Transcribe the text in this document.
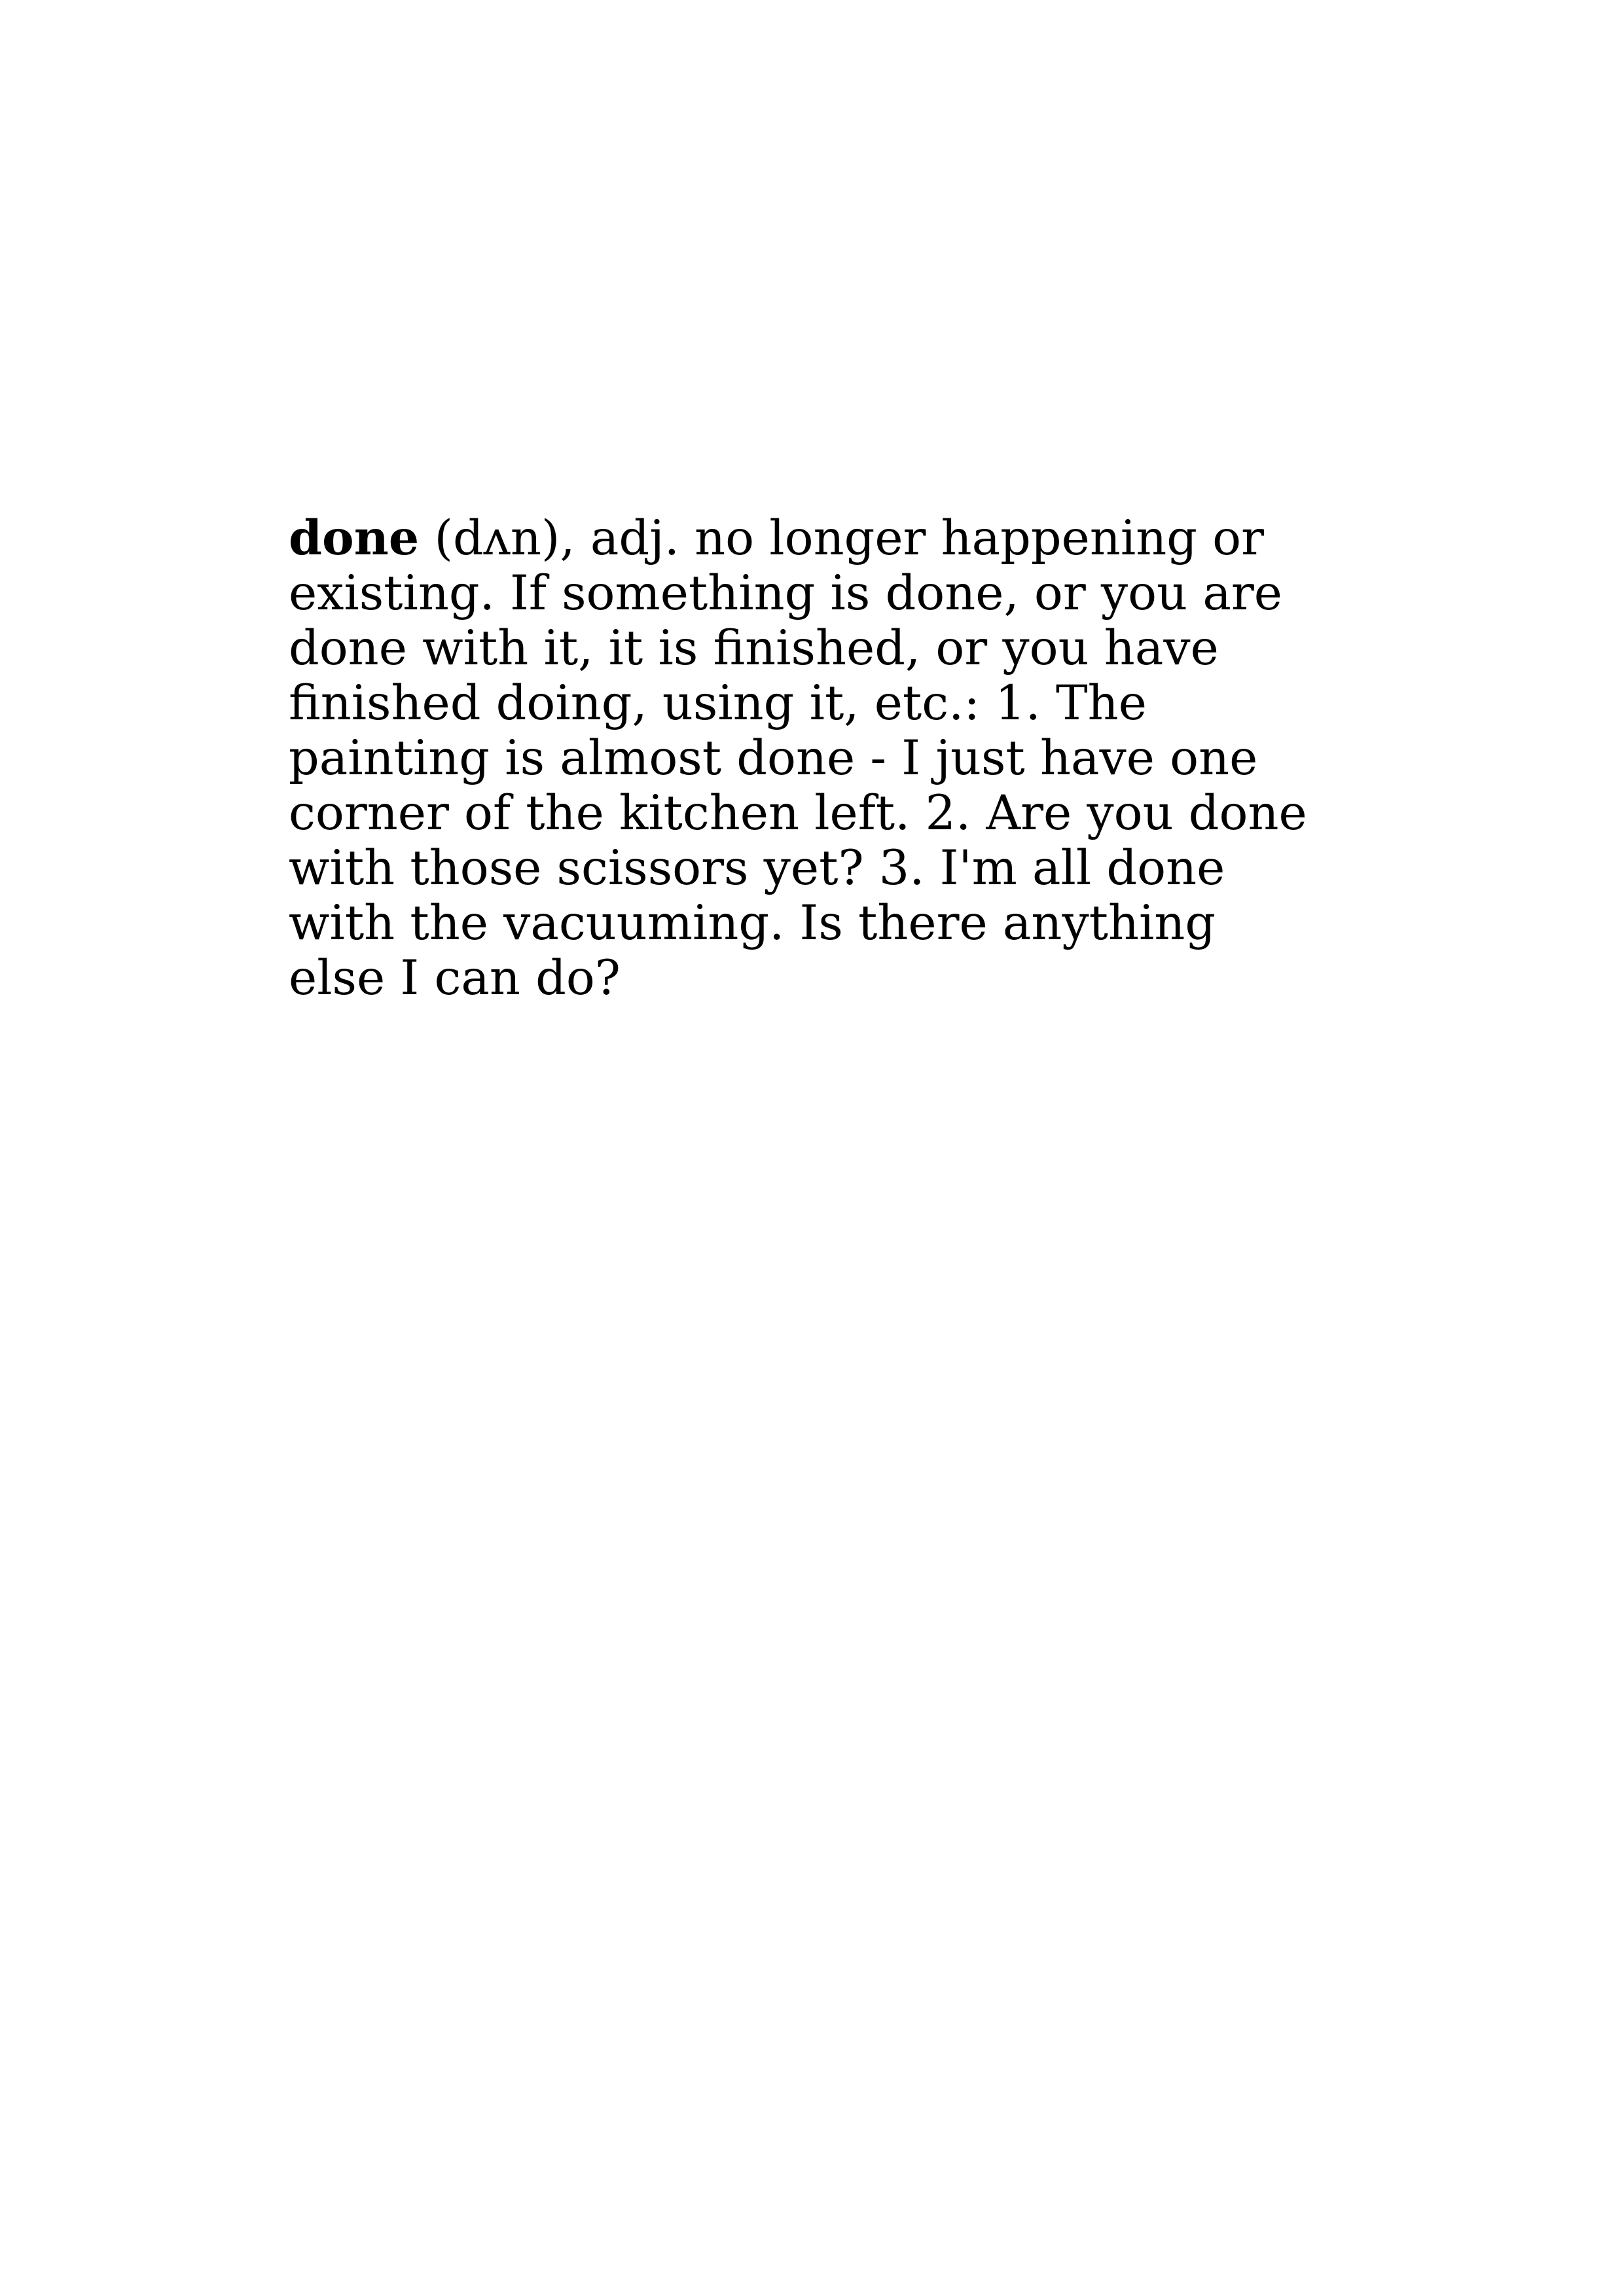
done (dʌn), adj. no longer happening or
existing. If something is done, or you are
done with it, it is finished, or you have
finished doing, using it, etc.: 1. The
painting is almost done - I just have one
corner of the kitchen left. 2. Are you done
with those scissors yet? 3. I'm all done
with the vacuuming. Is there anything
else I can do?
